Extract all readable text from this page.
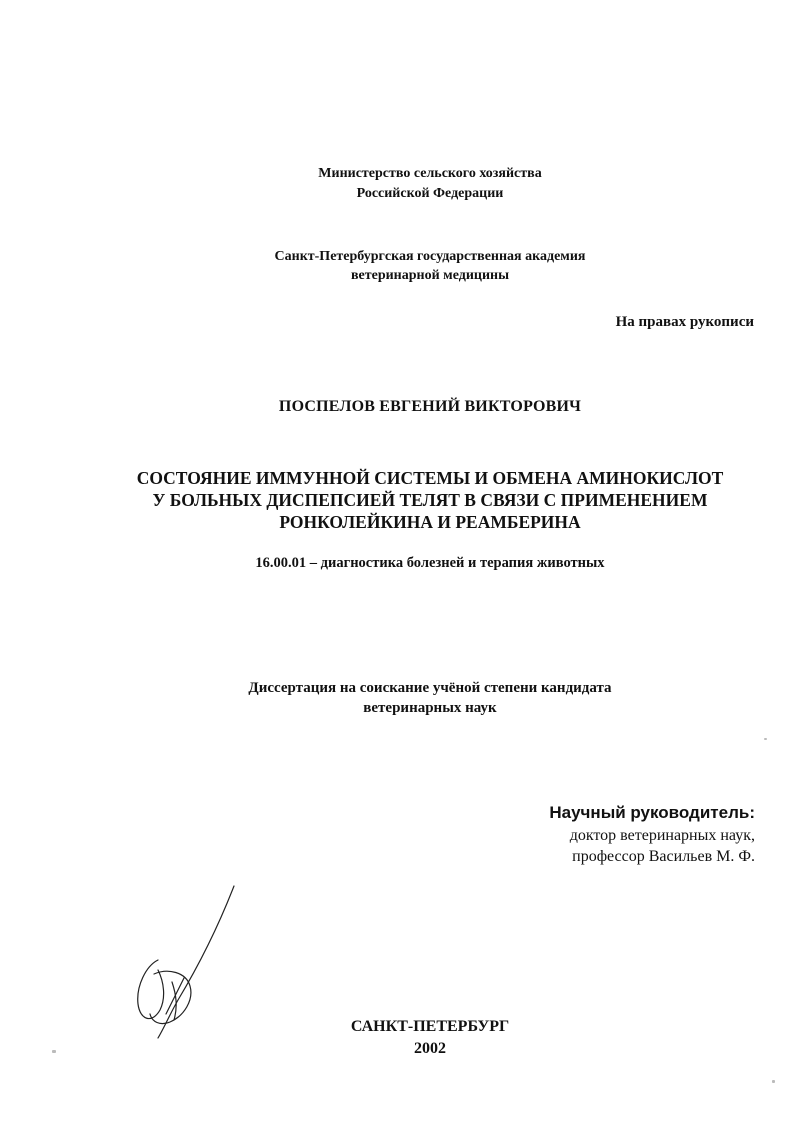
Министерство сельского хозяйства
Российской Федерации
Санкт-Петербургская государственная академия
ветеринарной медицины
На правах рукописи
ПОСПЕЛОВ ЕВГЕНИЙ ВИКТОРОВИЧ
СОСТОЯНИЕ ИММУННОЙ СИСТЕМЫ И ОБМЕНА АМИНОКИСЛОТ
У БОЛЬНЫХ ДИСПЕПСИЕЙ ТЕЛЯТ В СВЯЗИ С ПРИМЕНЕНИЕМ
РОНКОЛЕЙКИНА И РЕАМБЕРИНА
16.00.01 – диагностика болезней и терапия животных
Диссертация на соискание учёной степени кандидата
ветеринарных наук
Научный руководитель:
доктор ветеринарных наук,
профессор Васильев М. Ф.
САНКТ-ПЕТЕРБУРГ
2002
